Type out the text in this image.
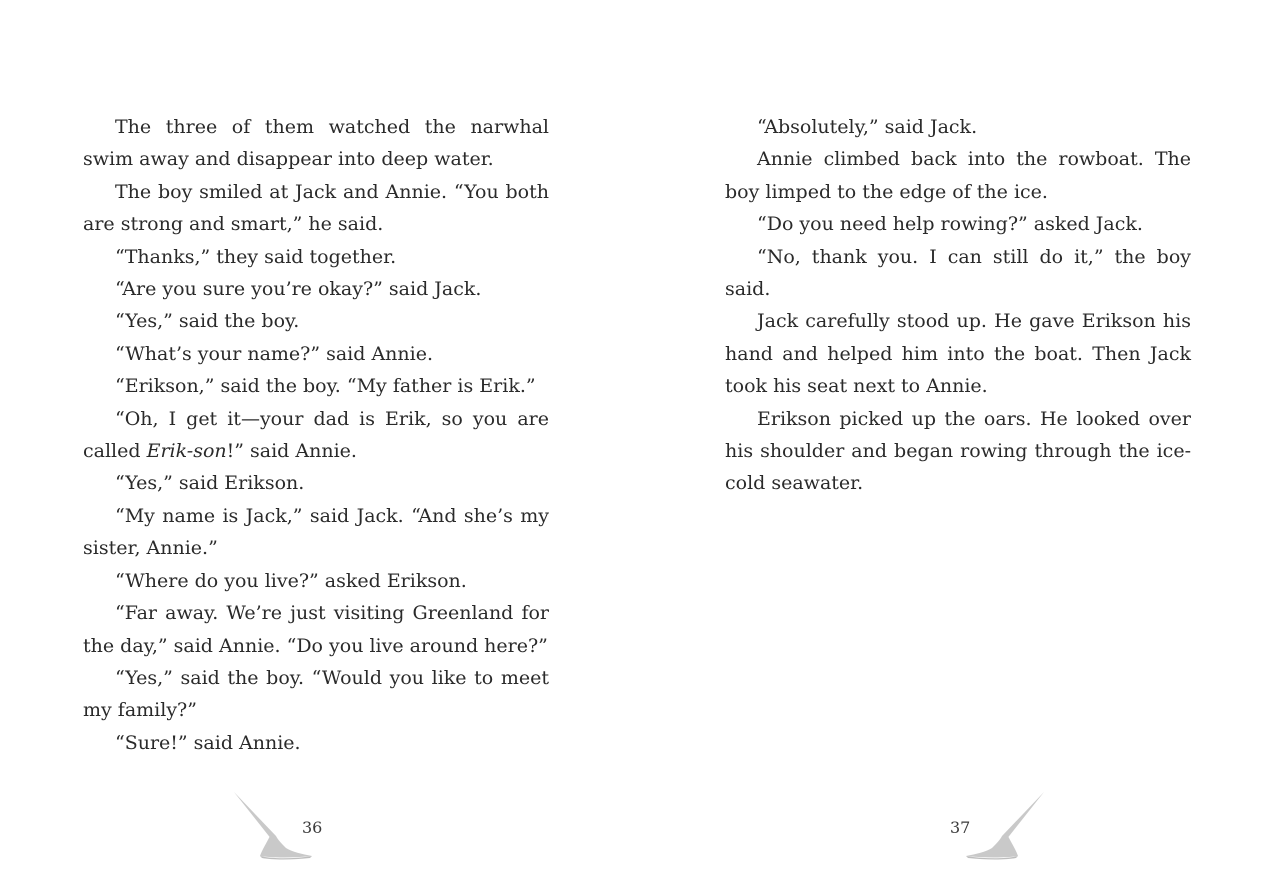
The three of them watched the narwhal swim away and disappear into deep water.

The boy smiled at Jack and Annie. “You both are strong and smart,” he said.

“Thanks,” they said together.

“Are you sure you’re okay?” said Jack.

“Yes,” said the boy.

“What’s your name?” said Annie.

“Erikson,” said the boy. “My father is Erik.”

“Oh, I get it—your dad is Erik, so you are called Erik-son!” said Annie.

“Yes,” said Erikson.

“My name is Jack,” said Jack. “And she’s my sister, Annie.”

“Where do you live?” asked Erikson.

“Far away. We’re just visiting Greenland for the day,” said Annie. “Do you live around here?”

“Yes,” said the boy. “Would you like to meet my family?”

“Sure!” said Annie.

36

“Absolutely,” said Jack.

Annie climbed back into the rowboat. The boy limped to the edge of the ice.

“Do you need help rowing?” asked Jack.

“No, thank you. I can still do it,” the boy said.

Jack carefully stood up. He gave Erikson his hand and helped him into the boat. Then Jack took his seat next to Annie.

Erikson picked up the oars. He looked over his shoulder and began rowing through the ice-cold seawater.

37
